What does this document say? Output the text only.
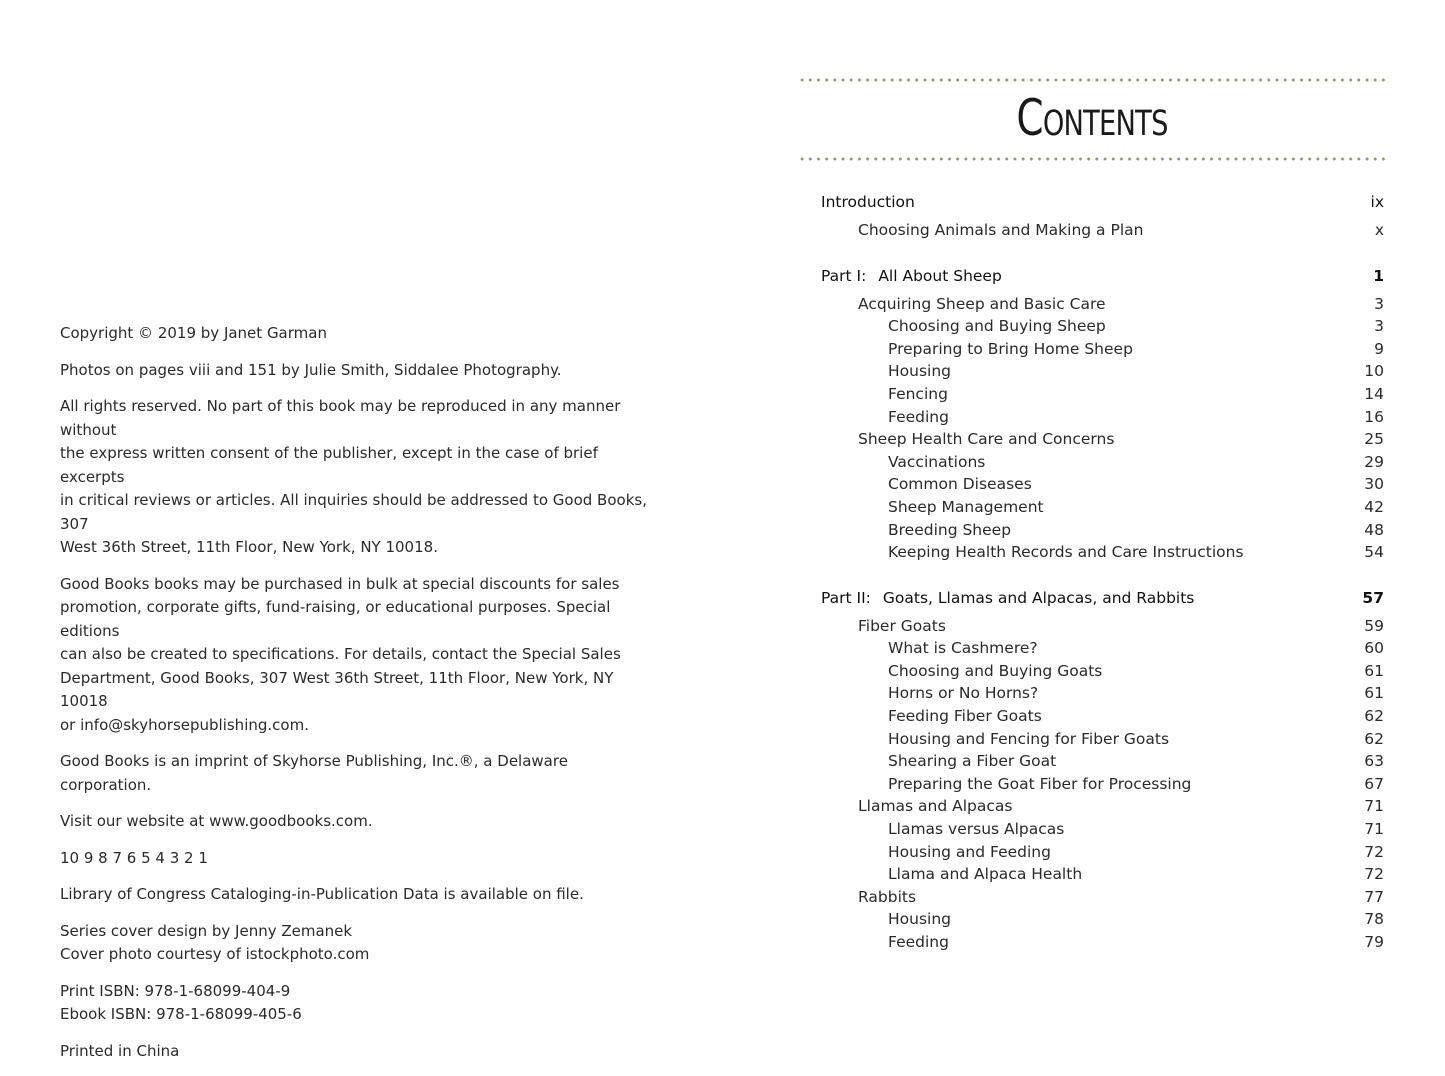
Copyright © 2019 by Janet Garman

Photos on pages viii and 151 by Julie Smith, Siddalee Photography.

All rights reserved. No part of this book may be reproduced in any manner without
the express written consent of the publisher, except in the case of brief excerpts
in critical reviews or articles. All inquiries should be addressed to Good Books, 307
West 36th Street, 11th Floor, New York, NY 10018.

Good Books books may be purchased in bulk at special discounts for sales
promotion, corporate gifts, fund-raising, or educational purposes. Special editions
can also be created to specifications. For details, contact the Special Sales
Department, Good Books, 307 West 36th Street, 11th Floor, New York, NY 10018
or info@skyhorsepublishing.com.

Good Books is an imprint of Skyhorse Publishing, Inc.®, a Delaware corporation.

Visit our website at www.goodbooks.com.

10 9 8 7 6 5 4 3 2 1

Library of Congress Cataloging-in-Publication Data is available on file.

Series cover design by Jenny Zemanek
Cover photo courtesy of istockphoto.com

Print ISBN: 978-1-68099-404-9
Ebook ISBN: 978-1-68099-405-6

Printed in China

Contents
Introduction	ix
Choosing Animals and Making a Plan	x
Part I: All About Sheep	1
Acquiring Sheep and Basic Care	3
Choosing and Buying Sheep	3
Preparing to Bring Home Sheep	9
Housing	10
Fencing	14
Feeding	16
Sheep Health Care and Concerns	25
Vaccinations	29
Common Diseases	30
Sheep Management	42
Breeding Sheep	48
Keeping Health Records and Care Instructions	54
Part II: Goats, Llamas and Alpacas, and Rabbits	57
Fiber Goats	59
What is Cashmere?	60
Choosing and Buying Goats	61
Horns or No Horns?	61
Feeding Fiber Goats	62
Housing and Fencing for Fiber Goats	62
Shearing a Fiber Goat	63
Preparing the Goat Fiber for Processing	67
Llamas and Alpacas	71
Llamas versus Alpacas	71
Housing and Feeding	72
Llama and Alpaca Health	72
Rabbits	77
Housing	78
Feeding	79
